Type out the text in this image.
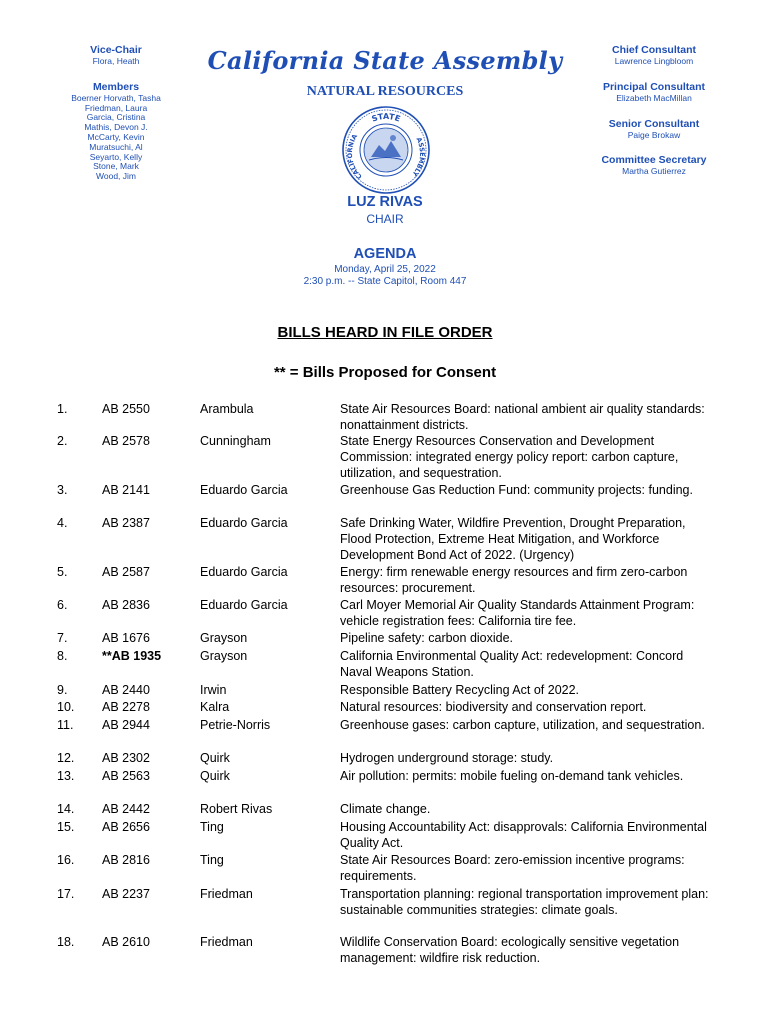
Vice-Chair
Flora, Heath
Members
Boerner Horvath, Tasha
Friedman, Laura
Garcia, Cristina
Mathis, Devon J.
McCarty, Kevin
Muratsuchi, Al
Seyarto, Kelly
Stone, Mark
Wood, Jim
Chief Consultant
Lawrence Lingbloom
Principal Consultant
Elizabeth MacMillan
Senior Consultant
Paige Brokaw
Committee Secretary
Martha Gutierrez
California State Assembly
NATURAL RESOURCES
STATE
CALIFORNIA	ASSEMBLY
LUZ RIVAS
CHAIR
AGENDA
Monday, April 25, 2022
2:30 p.m. -- State Capitol, Room 447
BILLS HEARD IN FILE ORDER
** = Bills Proposed for Consent
1.	AB 2550	Arambula	State Air Resources Board: national ambient air quality standards: nonattainment districts.
2.	AB 2578	Cunningham	State Energy Resources Conservation and Development Commission: integrated energy policy report: carbon capture, utilization, and sequestration.
3.	AB 2141	Eduardo Garcia	Greenhouse Gas Reduction Fund: community projects: funding.
4.	AB 2387	Eduardo Garcia	Safe Drinking Water, Wildfire Prevention, Drought Preparation, Flood Protection, Extreme Heat Mitigation, and Workforce Development Bond Act of 2022. (Urgency)
5.	AB 2587	Eduardo Garcia	Energy: firm renewable energy resources and firm zero-carbon resources: procurement.
6.	AB 2836	Eduardo Garcia	Carl Moyer Memorial Air Quality Standards Attainment Program: vehicle registration fees: California tire fee.
7.	AB 1676	Grayson	Pipeline safety: carbon dioxide.
8.	**AB 1935	Grayson	California Environmental Quality Act: redevelopment: Concord Naval Weapons Station.
9.	AB 2440	Irwin	Responsible Battery Recycling Act of 2022.
10. AB 2278	Kalra	Natural resources: biodiversity and conservation report.
11. AB 2944	Petrie-Norris	Greenhouse gases: carbon capture, utilization, and sequestration.
12. AB 2302	Quirk	Hydrogen underground storage: study.
13. AB 2563	Quirk	Air pollution: permits: mobile fueling on-demand tank vehicles.
14. AB 2442	Robert Rivas	Climate change.
15. AB 2656	Ting	Housing Accountability Act: disapprovals: California Environmental Quality Act.
16. AB 2816	Ting	State Air Resources Board: zero-emission incentive programs: requirements.
17. AB 2237	Friedman	Transportation planning: regional transportation improvement plan: sustainable communities strategies: climate goals.
18. AB 2610	Friedman	Wildlife Conservation Board: ecologically sensitive vegetation management: wildfire risk reduction.
